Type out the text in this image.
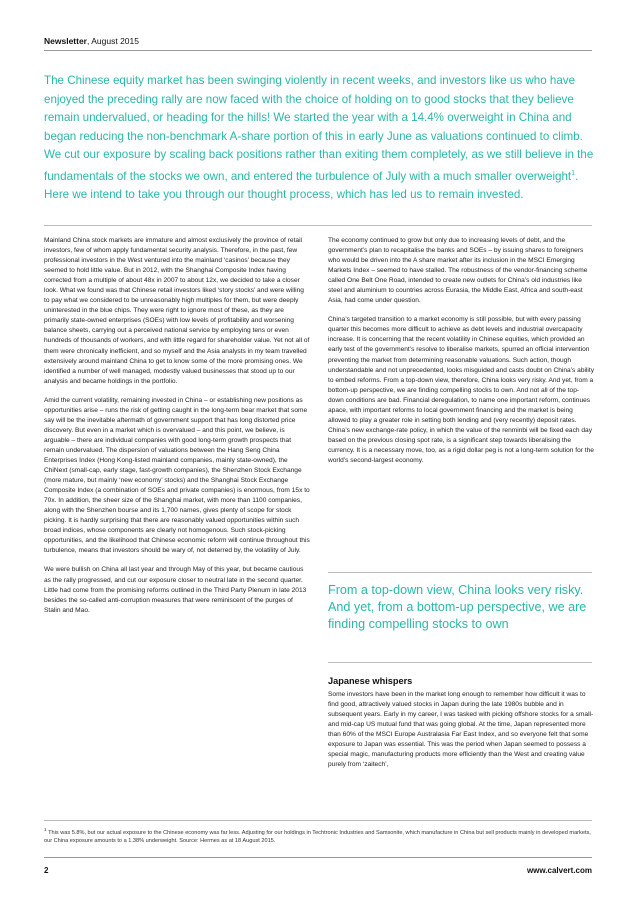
Newsletter, August 2015
The Chinese equity market has been swinging violently in recent weeks, and investors like us who have enjoyed the preceding rally are now faced with the choice of holding on to good stocks that they believe remain undervalued, or heading for the hills! We started the year with a 14.4% overweight in China and began reducing the non-benchmark A-share portion of this in early June as valuations continued to climb. We cut our exposure by scaling back positions rather than exiting them completely, as we still believe in the fundamentals of the stocks we own, and entered the turbulence of July with a much smaller overweight$^1$. Here we intend to take you through our thought process, which has led us to remain invested.

Mainland China stock markets are immature and almost exclusively the province of retail investors, few of whom apply fundamental security analysis. Therefore, in the past, few professional investors in the West ventured into the mainland ‘casinos’ because they seemed to hold little value. But in 2012, with the Shanghai Composite Index having corrected from a multiple of about 48x in 2007 to about 12x, we decided to take a closer look. What we found was that Chinese retail investors liked ‘story stocks’ and were willing to pay what we considered to be unreasonably high multiples for them, but were deeply uninterested in the blue chips. They were right to ignore most of these, as they are primarily state-owned enterprises (SOEs) with low levels of profitability and worsening balance sheets, carrying out a perceived national service by employing tens or even hundreds of thousands of workers, and with little regard for shareholder value. Yet not all of them were chronically inefficient, and so myself and the Asia analysts in my team travelled extensively around mainland China to get to know some of the more promising ones. We identified a number of well managed, modestly valued businesses that stood up to our analysis and became holdings in the portfolio.

Amid the current volatility, remaining invested in China – or establishing new positions as opportunities arise – runs the risk of getting caught in the long-term bear market that some say will be the inevitable aftermath of government support that has long distorted price discovery. But even in a market which is overvalued – and this point, we believe, is arguable – there are individual companies with good long-term growth prospects that remain undervalued. The dispersion of valuations between the Hang Seng China Enterprises Index (Hong Kong-listed mainland companies, mainly state-owned), the ChiNext (small-cap, early stage, fast-growth companies), the Shenzhen Stock Exchange (more mature, but mainly ‘new economy’ stocks) and the Shanghai Stock Exchange Composite Index (a combination of SOEs and private companies) is enormous, from 15x to 70x. In addition, the sheer size of the Shanghai market, with more than 1100 companies, along with the Shenzhen bourse and its 1,700 names, gives plenty of scope for stock picking. It is hardly surprising that there are reasonably valued opportunities within such broad indices, whose components are clearly not homogenous. Such stock-picking opportunities, and the likelihood that Chinese economic reform will continue throughout this turbulence, means that investors should be wary of, not deterred by, the volatility of July.

We were bullish on China all last year and through May of this year, but became cautious as the rally progressed, and cut our exposure closer to neutral late in the second quarter. Little had come from the promising reforms outlined in the Third Party Plenum in late 2013 besides the so-called anti-corruption measures that were reminiscent of the purges of Stalin and Mao.

The economy continued to grow but only due to increasing levels of debt, and the government’s plan to recapitalise the banks and SOEs – by issuing shares to foreigners who would be driven into the A share market after its inclusion in the MSCI Emerging Markets Index – seemed to have stalled. The robustness of the vendor-financing scheme called One Belt One Road, intended to create new outlets for China’s old industries like steel and aluminium to countries across Eurasia, the Middle East, Africa and south-east Asia, had come under question.

China’s targeted transition to a market economy is still possible, but with every passing quarter this becomes more difficult to achieve as debt levels and industrial overcapacity increase. It is concerning that the recent volatility in Chinese equities, which provided an early test of the government’s resolve to liberalise markets, spurred an official intervention preventing the market from determining reasonable valuations. Such action, though understandable and not unprecedented, looks misguided and casts doubt on China’s ability to embed reforms. From a top-down view, therefore, China looks very risky. And yet, from a bottom-up perspective, we are finding compelling stocks to own. And not all of the top-down conditions are bad. Financial deregulation, to name one important reform, continues apace, with important reforms to local government financing and the market is being allowed to play a greater role in setting both lending and (very recently) deposit rates. China’s new exchange-rate policy, in which the value of the renminbi will be fixed each day based on the previous closing spot rate, is a significant step towards liberalising the currency. It is a necessary move, too, as a rigid dollar peg is not a long-term solution for the world’s second-largest economy.

From a top-down view, China looks very risky. And yet, from a bottom-up perspective, we are finding compelling stocks to own
Japanese whispers

Some investors have been in the market long enough to remember how difficult it was to find good, attractively valued stocks in Japan during the late 1980s bubble and in subsequent years. Early in my career, I was tasked with picking offshore stocks for a small- and mid-cap US mutual fund that was going global. At the time, Japan represented more than 60% of the MSCI Europe Australasia Far East Index, and so everyone felt that some exposure to Japan was essential. This was the period when Japan seemed to possess a special magic, manufacturing products more efficiently than the West and creating value purely from ‘zaitech’,

$^1$ This was 5.8%, but our actual exposure to the Chinese economy was far less. Adjusting for our holdings in Techtronic Industries and Samsonite, which manufacture in China but sell products mainly in developed markets, our China exposure amounts to a 1.38% underweight. Source: Hermes as at 18 August 2015.
2	www.calvert.com
